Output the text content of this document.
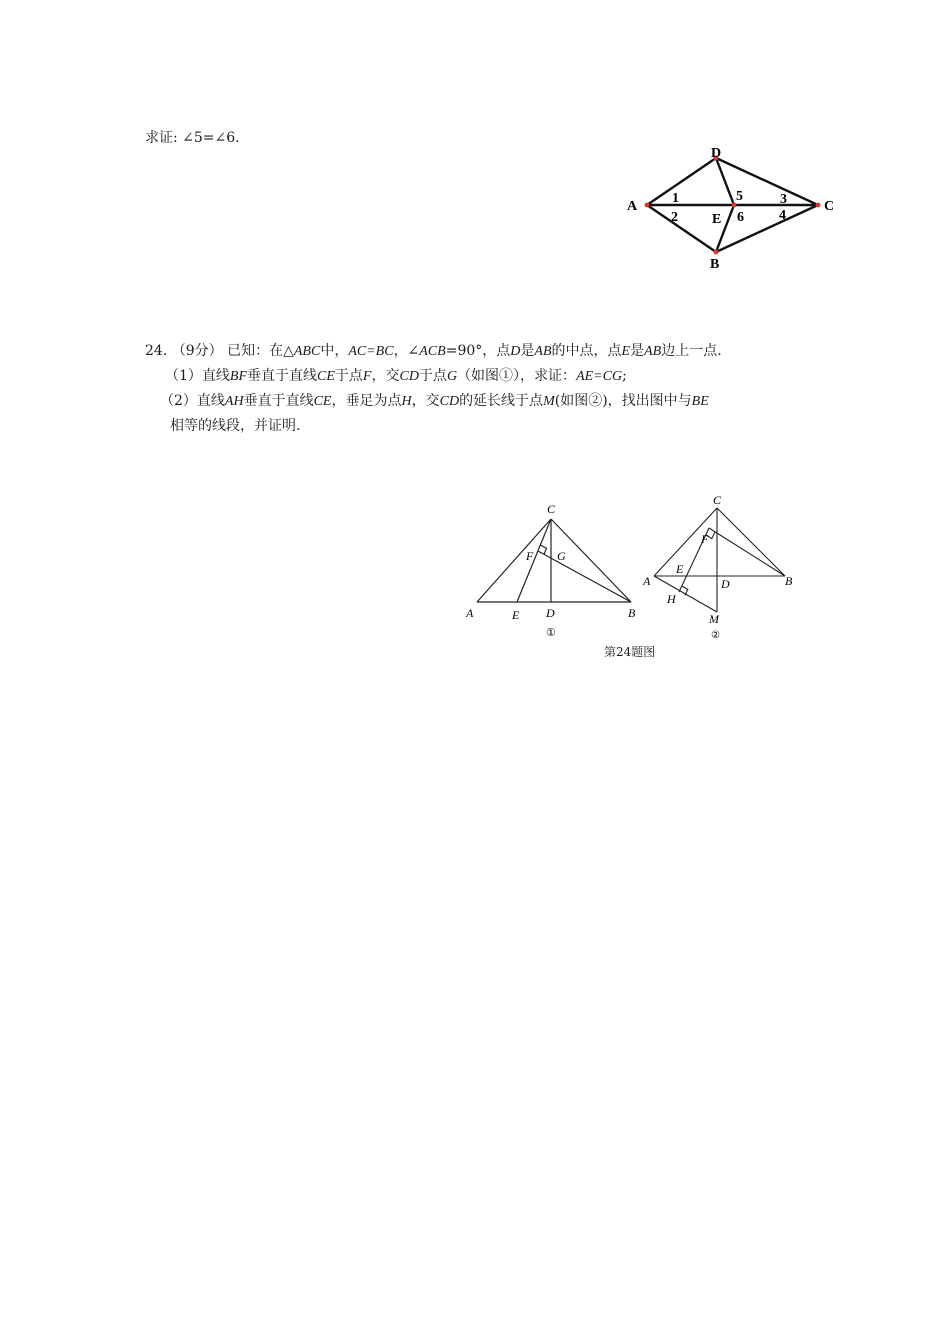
求证: ∠5=∠6.
D
A	C
B
E
1
2
3
4
5
6
24. （9分） 已知：在△ABC中，AC=BC，∠ACB=90°，点D是AB的中点，点E是AB边上一点.
（1）直线BF垂直于直线CE于点F，交CD于点G（如图①），求证：AE=CG;
（2）直线AH垂直于直线CE，垂足为点H，交CD的延长线于点M(如图②)，找出图中与BE
相等的线段，并证明.
C
F G
A	E D	B
①
C
F
A
E
D	B
H
M
②
第24题图
